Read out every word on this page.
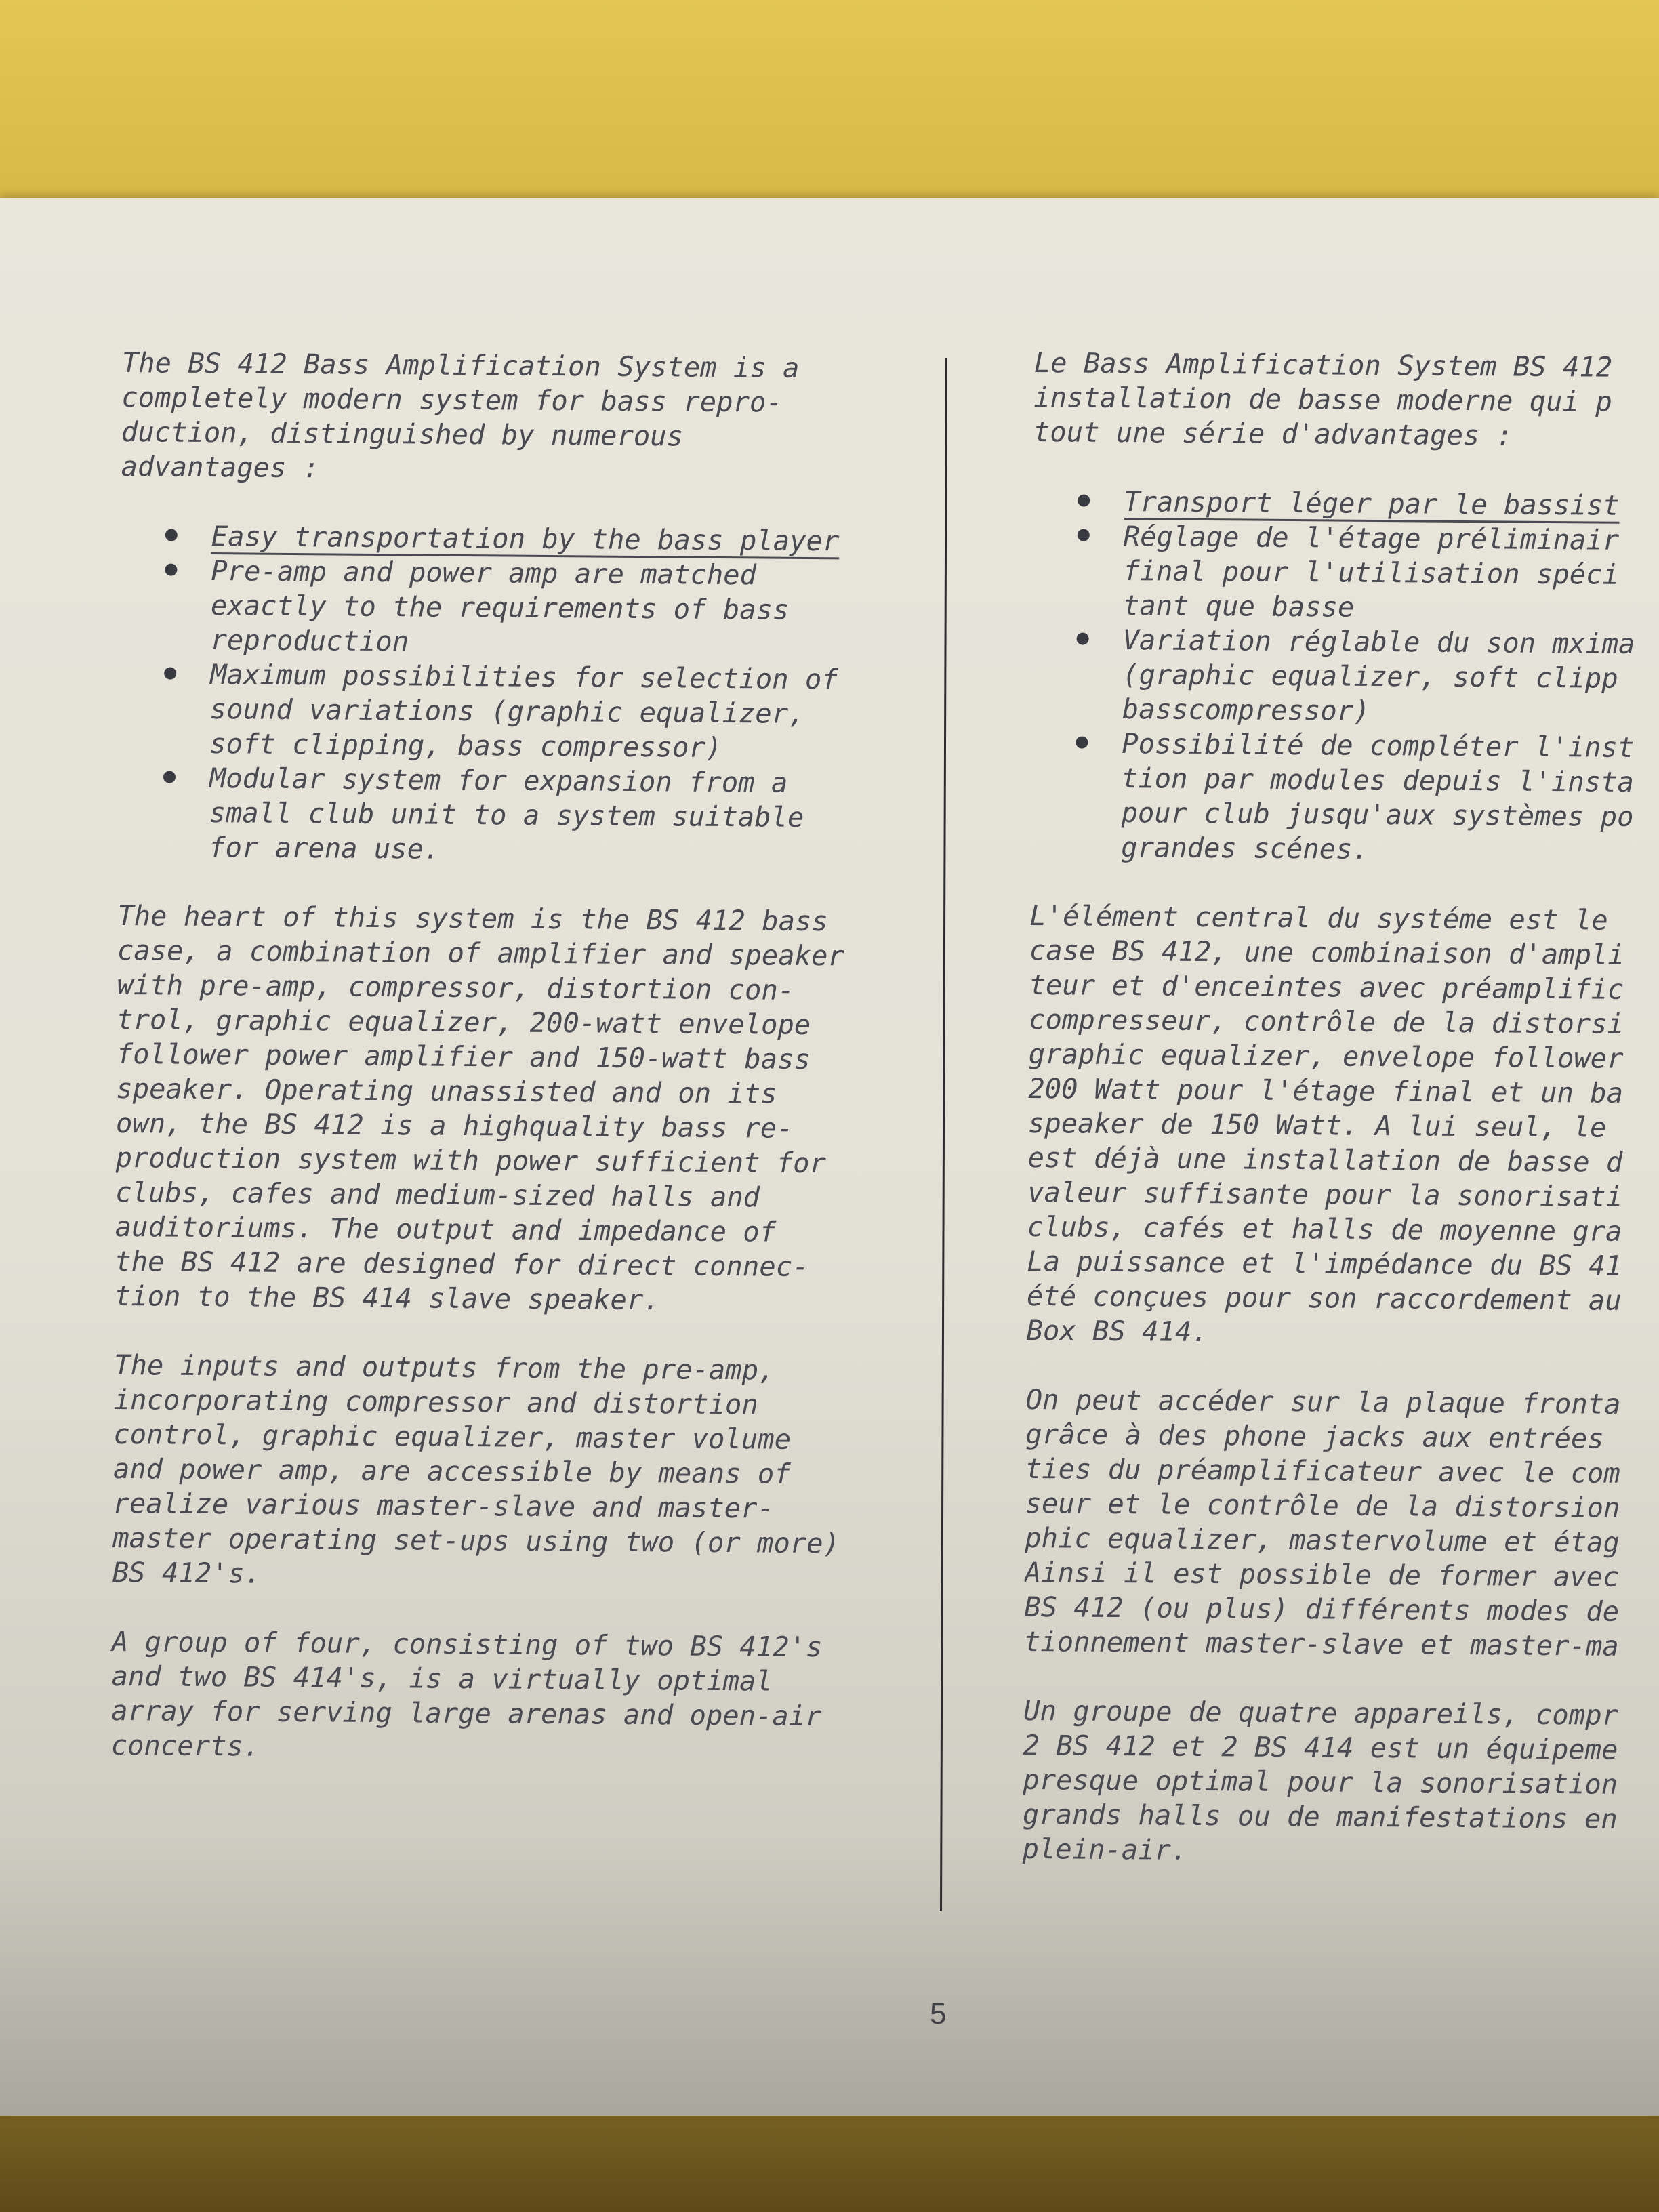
The BS 412 Bass Amplification System is a
completely modern system for bass repro-
duction, distinguished by numerous
advantages :

Easy transportation by the bass player
Pre-amp and power amp are matched
exactly to the requirements of bass
reproduction
Maximum possibilities for selection of
sound variations (graphic equalizer,
soft clipping, bass compressor)
Modular system for expansion from a
small club unit to a system suitable
for arena use.

The heart of this system is the BS 412 bass
case, a combination of amplifier and speaker
with pre-amp, compressor, distortion con-
trol, graphic equalizer, 200-watt envelope
follower power amplifier and 150-watt bass
speaker. Operating unassisted and on its
own, the BS 412 is a highquality bass re-
production system with power sufficient for
clubs, cafes and medium-sized halls and
auditoriums. The output and impedance of
the BS 412 are designed for direct connec-
tion to the BS 414 slave speaker.

The inputs and outputs from the pre-amp,
incorporating compressor and distortion
control, graphic equalizer, master volume
and power amp, are accessible by means of
realize various master-slave and master-
master operating set-ups using two (or more)
BS 412's.

A group of four, consisting of two BS 412's
and two BS 414's, is a virtually optimal
array for serving large arenas and open-air
concerts.

Le Bass Amplification System BS 412
installation de basse moderne qui p
tout une série d'advantages :

Transport léger par le bassist
Réglage de l'étage préliminair
final pour l'utilisation spéci
tant que basse
Variation réglable du son mxima
(graphic equalizer, soft clipp
basscompressor)
Possibilité de compléter l'inst
tion par modules depuis l'insta
pour club jusqu'aux systèmes po
grandes scénes.

L'élément central du systéme est le
case BS 412, une combinaison d'ampli
teur et d'enceintes avec préamplific
compresseur, contrôle de la distorsi
graphic equalizer, envelope follower
200 Watt pour l'étage final et un ba
speaker de 150 Watt. A lui seul, le
est déjà une installation de basse d
valeur suffisante pour la sonorisati
clubs, cafés et halls de moyenne gra
La puissance et l'impédance du BS 41
été conçues pour son raccordement au
Box BS 414.

On peut accéder sur la plaque fronta
grâce à des phone jacks aux entrées
ties du préamplificateur avec le com
seur et le contrôle de la distorsion
phic equalizer, mastervolume et étag
Ainsi il est possible de former avec
BS 412 (ou plus) différents modes de
tionnement master-slave et master-ma

Un groupe de quatre appareils, compr
2 BS 412 et 2 BS 414 est un équipeme
presque optimal pour la sonorisation
grands halls ou de manifestations en
plein-air.

5
